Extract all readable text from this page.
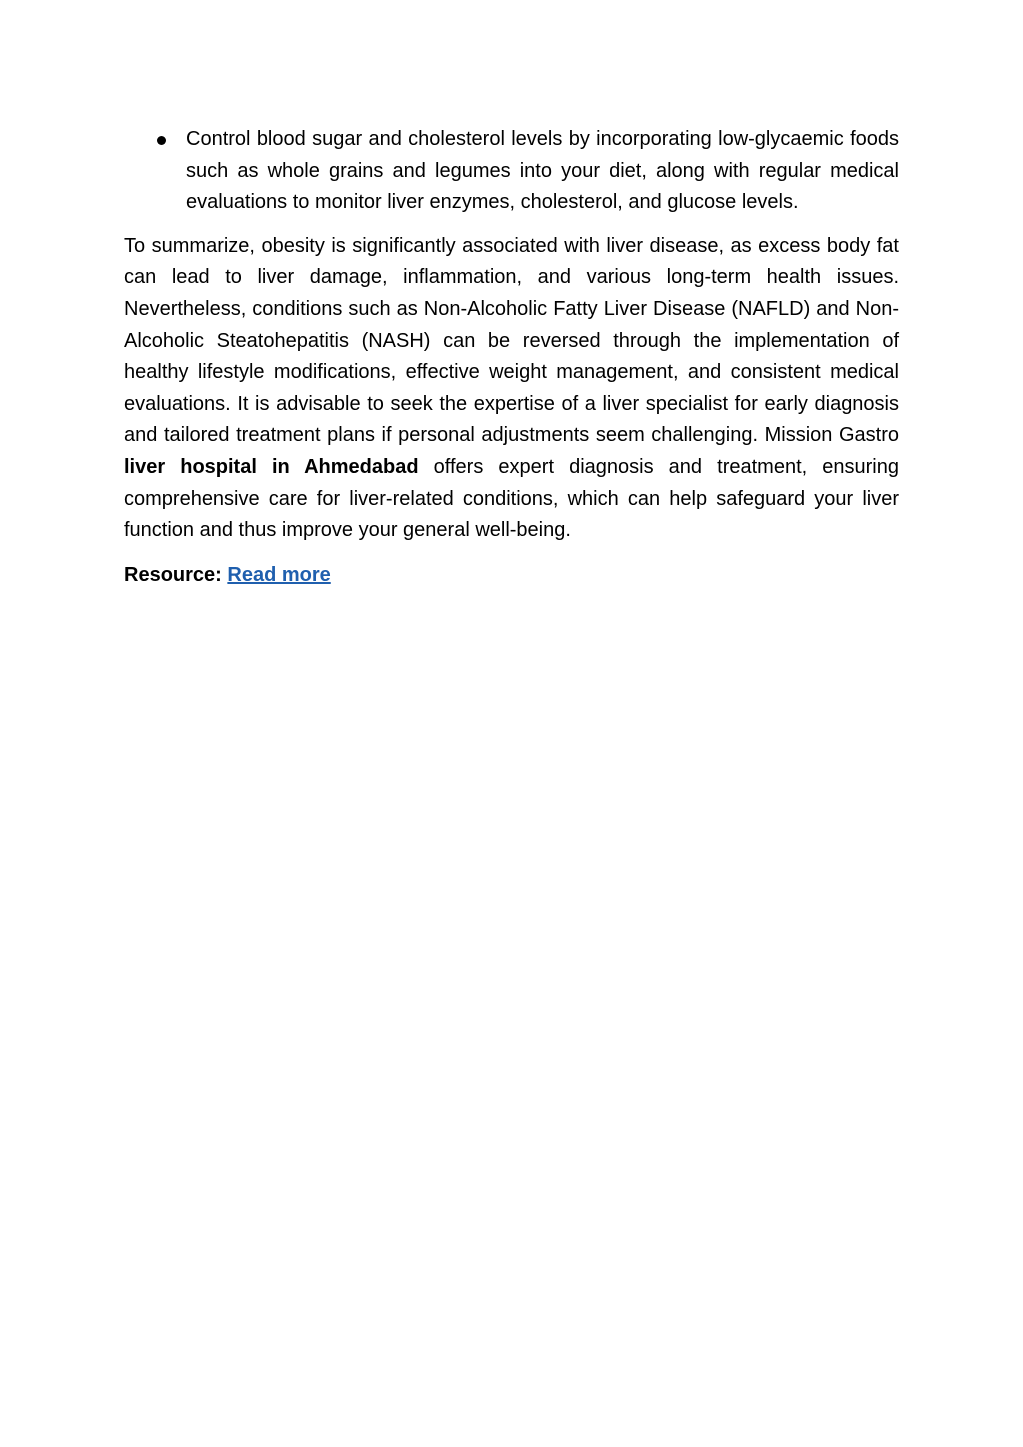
Control blood sugar and cholesterol levels by incorporating low-glycaemic foods such as whole grains and legumes into your diet, along with regular medical evaluations to monitor liver enzymes, cholesterol, and glucose levels.

To summarize, obesity is significantly associated with liver disease, as excess body fat can lead to liver damage, inflammation, and various long-term health issues. Nevertheless, conditions such as Non-Alcoholic Fatty Liver Disease (NAFLD) and Non-Alcoholic Steatohepatitis (NASH) can be reversed through the implementation of healthy lifestyle modifications, effective weight management, and consistent medical evaluations. It is advisable to seek the expertise of a liver specialist for early diagnosis and tailored treatment plans if personal adjustments seem challenging. Mission Gastro liver hospital in Ahmedabad offers expert diagnosis and treatment, ensuring comprehensive care for liver-related conditions, which can help safeguard your liver function and thus improve your general well-being.

Resource: Read more
